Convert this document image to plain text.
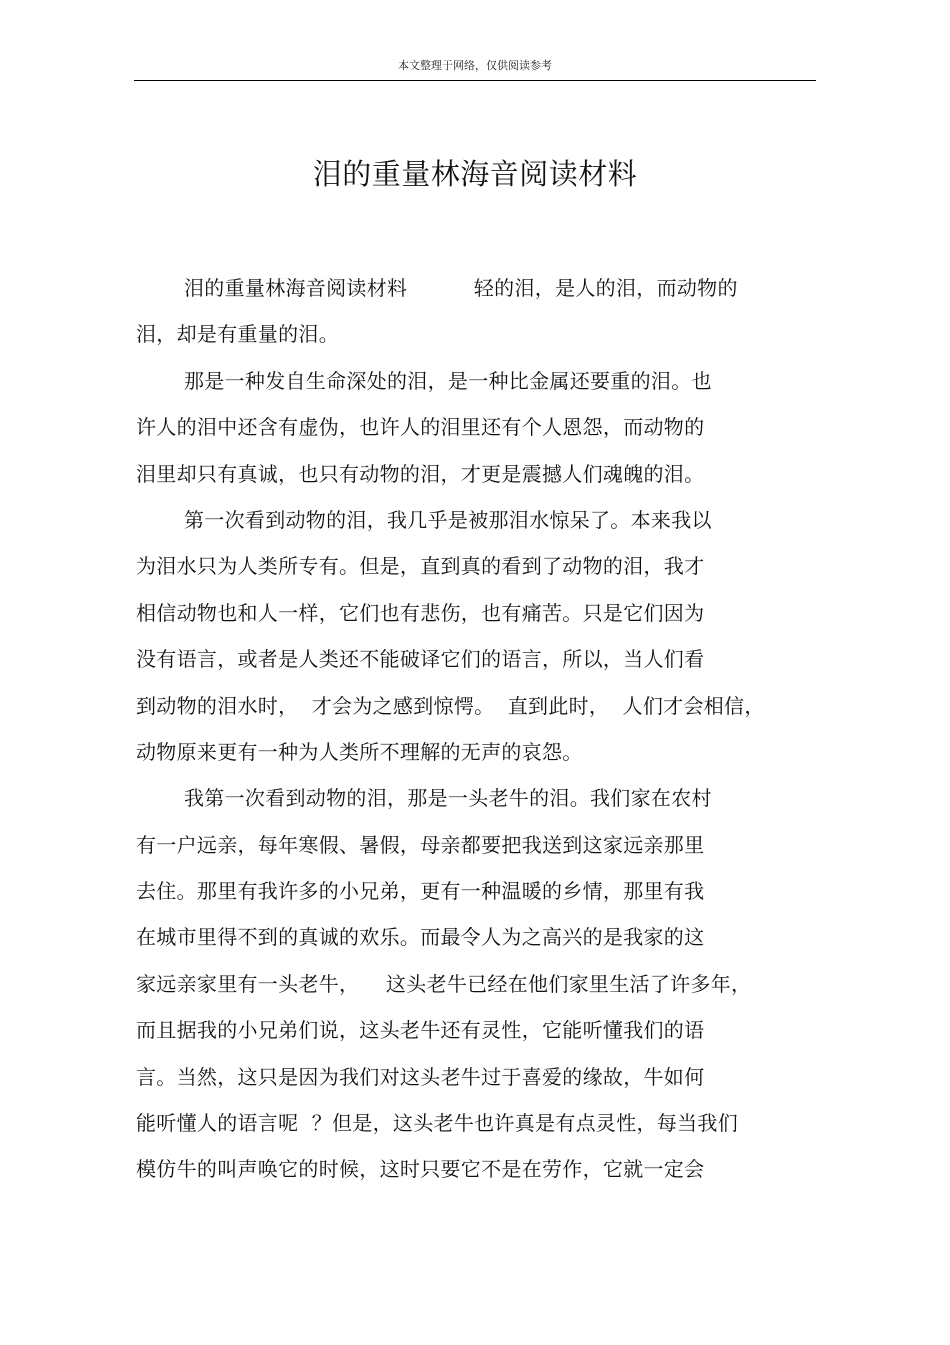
本文整理于网络，仅供阅读参考
泪的重量林海音阅读材料
泪的重量林海音阅读材料          轻的泪，是人的泪，而动物的
泪，却是有重量的泪。
那是一种发自生命深处的泪，是一种比金属还要重的泪。也
许人的泪中还含有虚伪，也许人的泪里还有个人恩怨，而动物的
泪里却只有真诚，也只有动物的泪，才更是震撼人们魂魄的泪。
第一次看到动物的泪，我几乎是被那泪水惊呆了。本来我以
为泪水只为人类所专有。但是，直到真的看到了动物的泪，我才
相信动物也和人一样，它们也有悲伤，也有痛苦。只是它们因为
没有语言，或者是人类还不能破译它们的语言，所以，当人们看
到动物的泪水时，  才会为之感到惊愕。  直到此时，  人们才会相信，
动物原来更有一种为人类所不理解的无声的哀怨。
我第一次看到动物的泪，那是一头老牛的泪。我们家在农村
有一户远亲，每年寒假、暑假，母亲都要把我送到这家远亲那里
去住。那里有我许多的小兄弟，更有一种温暖的乡情，那里有我
在城市里得不到的真诚的欢乐。而最令人为之高兴的是我家的这
家远亲家里有一头老牛，    这头老牛已经在他们家里生活了许多年，
而且据我的小兄弟们说，这头老牛还有灵性，它能听懂我们的语
言。当然，这只是因为我们对这头老牛过于喜爱的缘故，牛如何
能听懂人的语言呢  ？但是，这头老牛也许真是有点灵性，每当我们
模仿牛的叫声唤它的时候，这时只要它不是在劳作，它就一定会
